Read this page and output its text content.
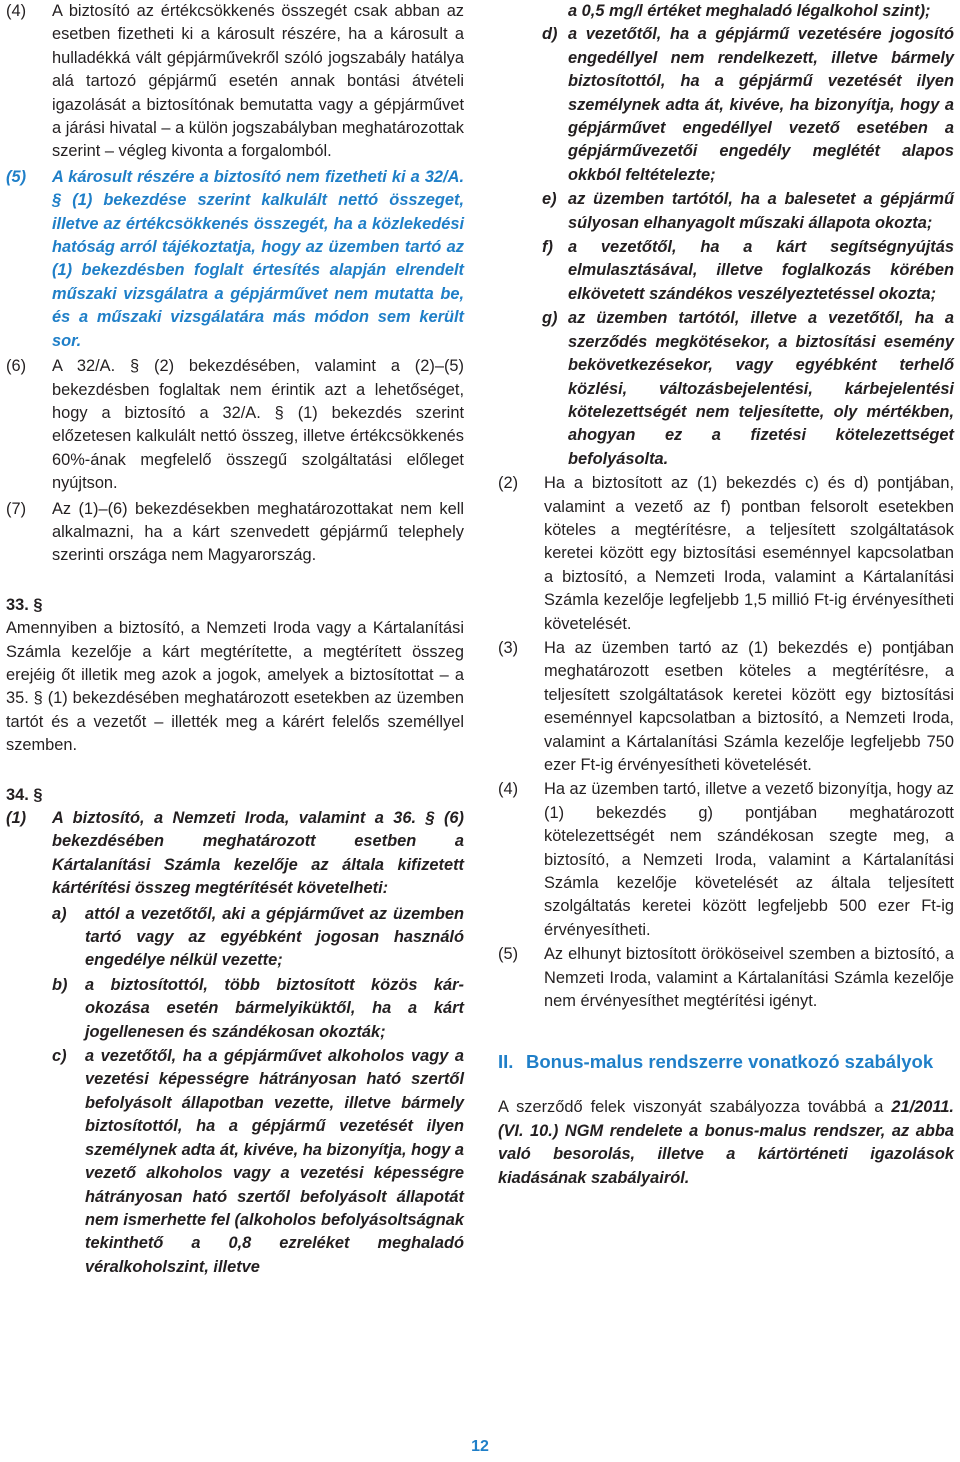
(4)	A biztosító az értékcsökkenés összegét csak abban az esetben fizetheti ki a károsult részére, ha a károsult a hulladékká vált gépjárművekről szóló jogszabály hatálya alá tartozó gépjármű esetén annak bontási átvételi igazolását a biztosítónak bemutatta vagy a gépjárművet a járási hivatal – a külön jogszabályban meghatározottak szerint – végleg kivonta a forgalomból.
(5)	A károsult részére a biztosító nem fizetheti ki a 32/A. § (1) bekezdése szerint kalkulált nettó összeget, illetve az értékcsökkenés összegét, ha a közlekedési hatóság arról tájékoztatja, hogy az üzemben tartó az (1) bekezdésben foglalt értesítés alapján elrendelt műszaki vizsgálatra a gépjárművet nem mutatta be, és a műszaki vizsgálatára más módon sem került sor.
(6)	A 32/A. § (2) bekezdésében, valamint a (2)–(5) bekezdésben foglaltak nem érintik azt a lehetőséget, hogy a biztosító a 32/A. § (1) bekezdés szerint előzetesen kalkulált nettó összeg, illetve értékcsökkenés 60%-ának megfelelő összegű szolgáltatási előleget nyújtson.
(7)	Az (1)–(6) bekezdésekben meghatározottakat nem kell alkalmazni, ha a kárt szenvedett gépjármű telephely szerinti országa nem Magyarország.
33. §
Amennyiben a biztosító, a Nemzeti Iroda vagy a Kártalanítási Számla kezelője a kárt megtérítette, a megtérített összeg erejéig őt illetik meg azok a jogok, amelyek a biztosítottat – a 35. § (1) bekezdésében meghatározott esetekben az üzemben tartót és a vezetőt – illették meg a kárért felelős személlyel szemben.
34. §
(1)	A biztosító, a Nemzeti Iroda, valamint a 36. § (6) bekezdésében meghatározott esetben a Kártalanítási Számla kezelője az általa kifizetett kártérítési összeg megtérítését követelheti:
a)	attól a vezetőtől, aki a gépjárművet az üzemben tartó vagy az egyébként jogosan használó engedélye nélkül vezette;
b)	a biztosítottól, több biztosított közös kár-okozása esetén bármelyiküktől, ha a kárt jogellenesen és szándékosan okozták;
c)	a vezetőtől, ha a gépjárművet alkoholos vagy a vezetési képességre hátrányosan ható szertől befolyásolt állapotban vezette, illetve bármely biztosítottól, ha a gépjármű vezetését ilyen személynek adta át, kivéve, ha bizonyítja, hogy a vezető alkoholos vagy a vezetési képességre hátrányosan ható szertől befolyásolt állapotát nem ismerhette fel (alkoholos befolyásoltságnak tekinthető a 0,8 ezreléket meghaladó véralkoholszint, illetve
a 0,5 mg/l értéket meghaladó légalkohol szint);
d) a vezetőtől, ha a gépjármű vezetésére jogosító engedéllyel nem rendelkezett, illetve bármely biztosítottól, ha a gépjármű vezetését ilyen személynek adta át, kivéve, ha bizonyítja, hogy a gépjárművet engedéllyel vezető esetében a gépjárművezetői engedély meglétét alapos okkból feltételezte;
e) az üzemben tartótól, ha a balesetet a gépjármű súlyosan elhanyagolt műszaki állapota okozta;
f) a vezetőtől, ha a kárt segítségnyújtás elmulasztásával, illetve foglalkozás körében elkövetett szándékos veszélyeztetéssel okozta;
g) az üzemben tartótól, illetve a vezetőtől, ha a szerződés megkötésekor, a biztosítási esemény bekövetkezésekor, vagy egyébként terhelő közlési, változásbejelentési, kárbejelentési kötelezettségét nem teljesítette, oly mértékben, ahogyan ez a fizetési kötelezettséget befolyásolta.
(2)	Ha a biztosított az (1) bekezdés c) és d) pontjában, valamint a vezető az f) pontban felsorolt esetekben köteles a megtérítésre, a teljesített szolgáltatások keretei között egy biztosítási eseménnyel kapcsolatban a biztosító, a Nemzeti Iroda, valamint a Kártalanítási Számla kezelője legfeljebb 1,5 millió Ft-ig érvényesítheti követelését.
(3)	Ha az üzemben tartó az (1) bekezdés e) pontjában meghatározott esetben köteles a megtérítésre, a teljesített szolgáltatások keretei között egy biztosítási eseménnyel kapcsolatban a biztosító, a Nemzeti Iroda, valamint a Kártalanítási Számla kezelője legfeljebb 750 ezer Ft-ig érvényesítheti követelését.
(4)	Ha az üzemben tartó, illetve a vezető bizonyítja, hogy az (1) bekezdés g) pontjában meghatározott kötelezettségét nem szándékosan szegte meg, a biztosító, a Nemzeti Iroda, valamint a Kártalanítási Számla kezelője követelését az általa teljesített szolgáltatás keretei között legfeljebb 500 ezer Ft-ig érvényesítheti.
(5)	Az elhunyt biztosított örököseivel szemben a biztosító, a Nemzeti Iroda, valamint a Kártalanítási Számla kezelője nem érvényesíthet megtérítési igényt.
II. Bonus-malus rendszerre vonatkozó szabályok
A szerződő felek viszonyát szabályozza továbbá a 21/2011. (VI. 10.) NGM rendelete a bonus-malus rendszer, az abba való besorolás, illetve a kártörténeti igazolások kiadásának szabályairól.
12
